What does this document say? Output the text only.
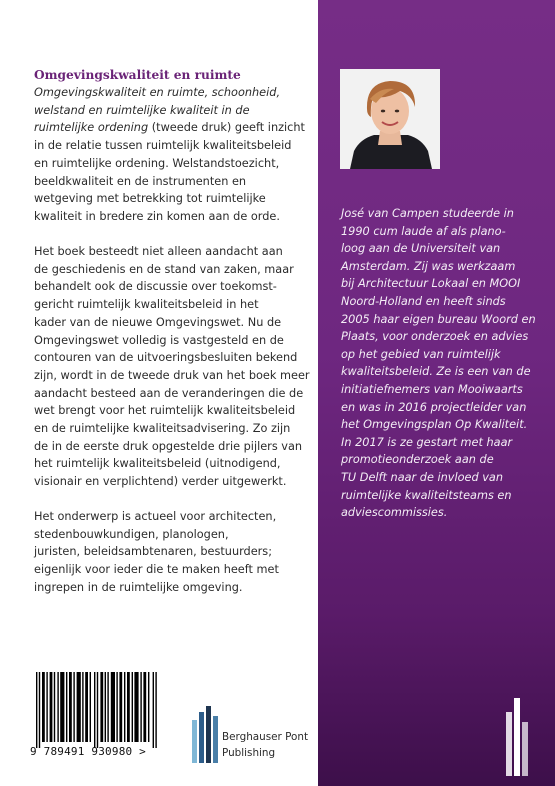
Omgevingskwaliteit en ruimte
Omgevingskwaliteit en ruimte, schoonheid,
welstand en ruimtelijke kwaliteit in de
ruimtelijke ordening (tweede druk) geeft inzicht
in de relatie tussen ruimtelijk kwaliteitsbeleid
en ruimtelijke ordening. Welstandstoezicht,
beeldkwaliteit en de instrumenten en
wetgeving met betrekking tot ruimtelijke
kwaliteit in bredere zin komen aan de orde.
Het boek besteedt niet alleen aandacht aan
de geschiedenis en de stand van zaken, maar
behandelt ook de discussie over toekomst-
gericht ruimtelijk kwaliteitsbeleid in het
kader van de nieuwe Omgevingswet. Nu de
Omgevingswet volledig is vastgesteld en de
contouren van de uitvoeringsbesluiten bekend
zijn, wordt in de tweede druk van het boek meer
aandacht besteed aan de veranderingen die de
wet brengt voor het ruimtelijk kwaliteitsbeleid
en de ruimtelijke kwaliteitsadvisering. Zo zijn
de in de eerste druk opgestelde drie pijlers van
het ruimtelijk kwaliteitsbeleid (uitnodigend,
visionair en verplichtend) verder uitgewerkt.
Het onderwerp is actueel voor architecten,
stedenbouwkundigen, planologen,
juristen, beleidsambtenaren, bestuurders;
eigenlijk voor ieder die te maken heeft met
ingrepen in de ruimtelijke omgeving.
9 789491 930980 >
Berghauser Pont
Publishing
José van Campen studeerde in
1990 cum laude af als plano-
loog aan de Universiteit van
Amsterdam. Zij was werkzaam
bij Architectuur Lokaal en MOOI
Noord-Holland en heeft sinds
2005 haar eigen bureau Woord en
Plaats, voor onderzoek en advies
op het gebied van ruimtelijk
kwaliteitsbeleid. Ze is een van de
initiatiefnemers van Mooiwaarts
en was in 2016 projectleider van
het Omgevingsplan Op Kwaliteit.
In 2017 is ze gestart met haar
promotieonderzoek aan de
TU Delft naar de invloed van
ruimtelijke kwaliteitsteams en
adviescommissies.
